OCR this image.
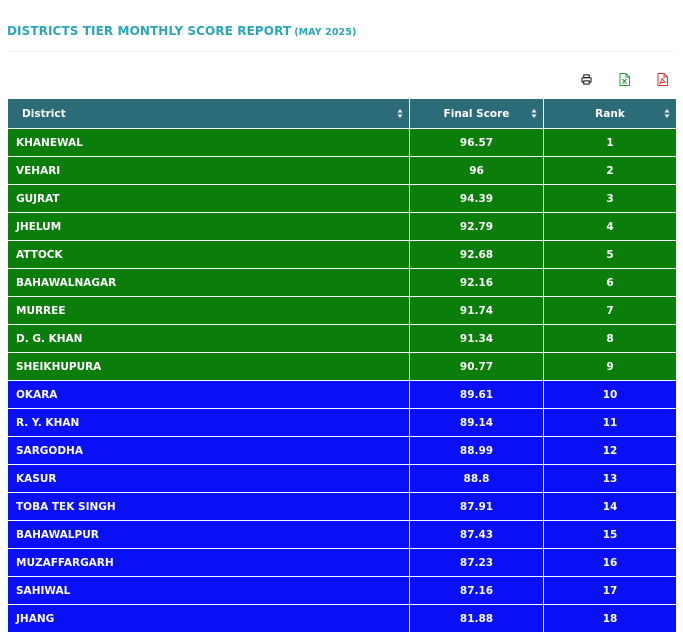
DISTRICTS TIER MONTHLY SCORE REPORT (MAY 2025)
District	Final Score	Rank

KHANEWAL	96.57	1
VEHARI	96	2
GUJRAT	94.39	3
JHELUM	92.79	4
ATTOCK	92.68	5
BAHAWALNAGAR	92.16	6
MURREE	91.74	7
D. G. KHAN	91.34	8
SHEIKHUPURA	90.77	9
OKARA	89.61	10
R. Y. KHAN	89.14	11
SARGODHA	88.99	12
KASUR	88.8	13
TOBA TEK SINGH	87.91	14
BAHAWALPUR	87.43	15
MUZAFFARGARH	87.23	16
SAHIWAL	87.16	17
JHANG	81.88	18
